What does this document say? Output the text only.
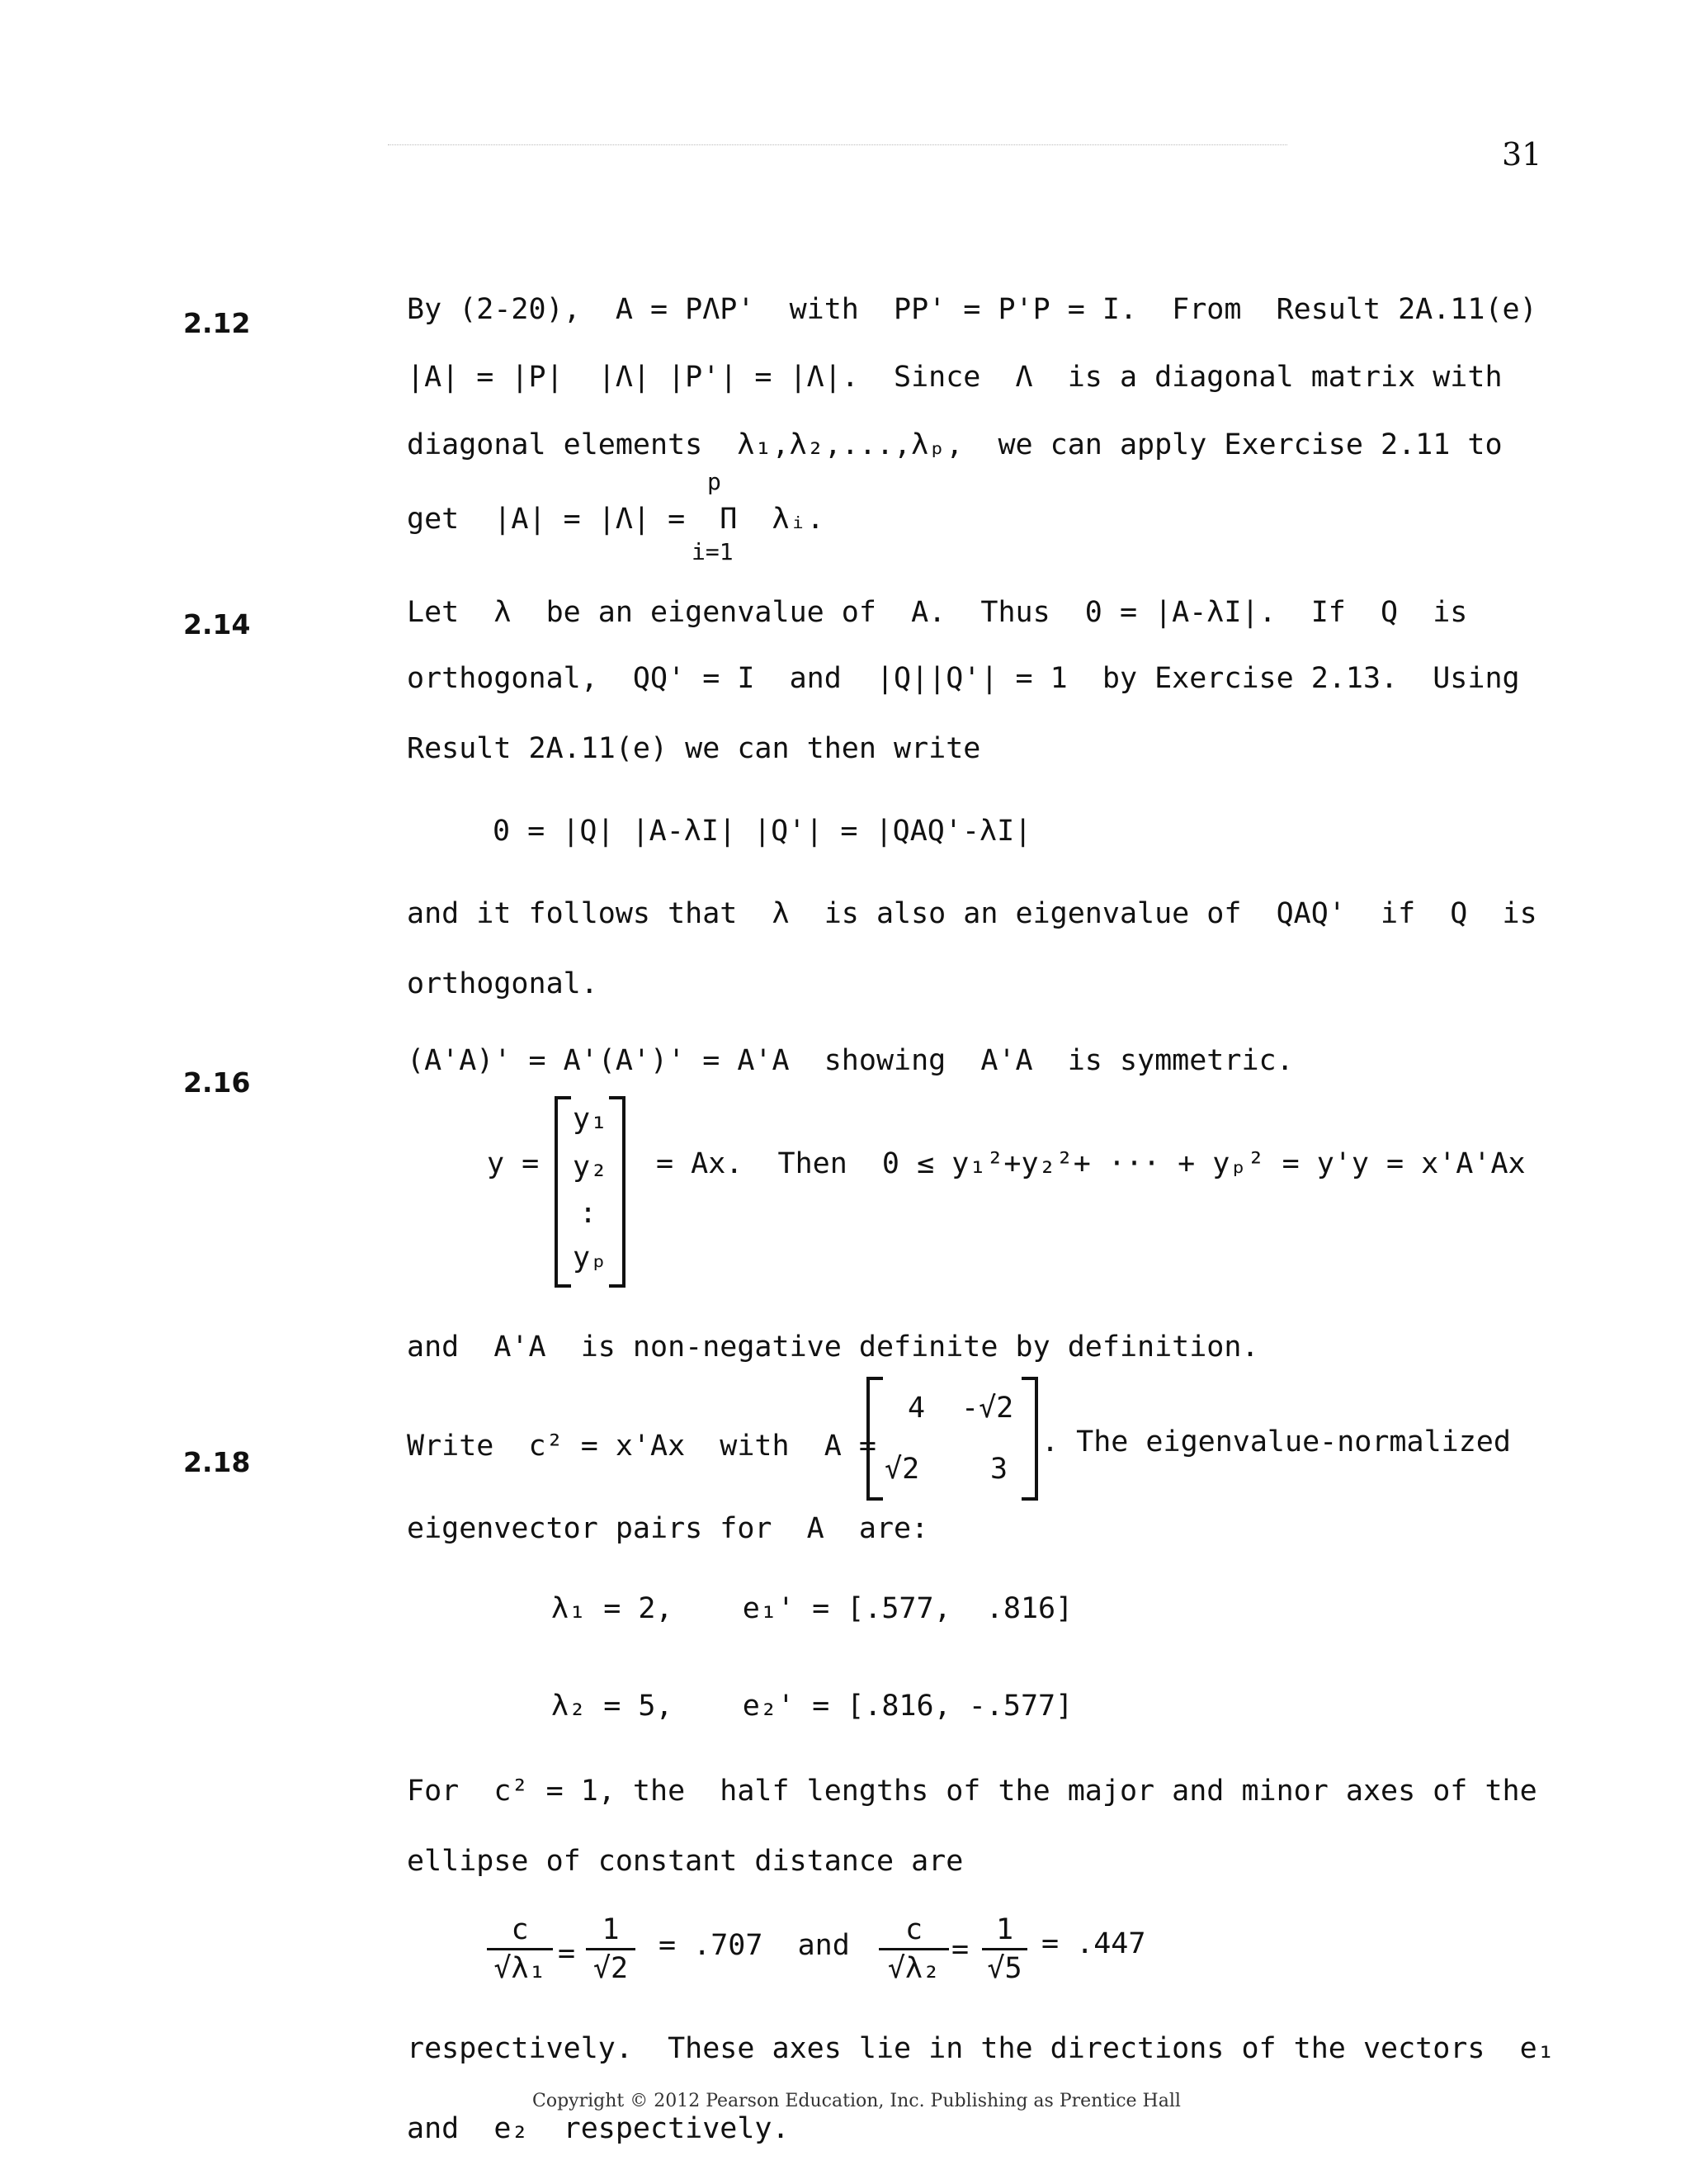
31
2.12	By (2-20),  A = PΛP'  with  PP' = P'P = I.  From  Result 2A.11(e)
|A| = |P|  |Λ| |P'| = |Λ|.  Since  Λ  is a diagonal matrix with
diagonal elements  λ₁,λ₂,...,λₚ,  we can apply Exercise 2.11 to
p
get  |A| = |Λ| =  Π  λᵢ.
i=1
2.14	Let  λ  be an eigenvalue of  A.  Thus  0 = |A-λI|.  If  Q  is
orthogonal,  QQ' = I  and  |Q||Q'| = 1  by Exercise 2.13.  Using
Result 2A.11(e) we can then write
0 = |Q| |A-λI| |Q'| = |QAQ'-λI|
and it follows that  λ  is also an eigenvalue of  QAQ'  if  Q  is
orthogonal.
2.16
(A'A)' = A'(A')' = A'A  showing  A'A  is symmetric.
y =
y₁
y₂
:
yₚ
= Ax.  Then  0 ≤ y₁²+y₂²+ ··· + yₚ² = y'y = x'A'Ax
and  A'A  is non-negative definite by definition.
2.18	Write  c² = x'Ax  with  A =
4 -√2
√2 3
. The eigenvalue-normalized
eigenvector pairs for  A  are:
λ₁ = 2,    e₁' = [.577,  .816]
λ₂ = 5,    e₂' = [.816, -.577]
For  c² = 1, the  half lengths of the major and minor axes of the
ellipse of constant distance are
c
√λ₁ =
1
√2
= .707  and	c
√λ₂
=
1
√5
= .447
respectively.  These axes lie in the directions of the vectors  e₁
and  e₂  respectively.
Copyright © 2012 Pearson Education, Inc. Publishing as Prentice Hall
